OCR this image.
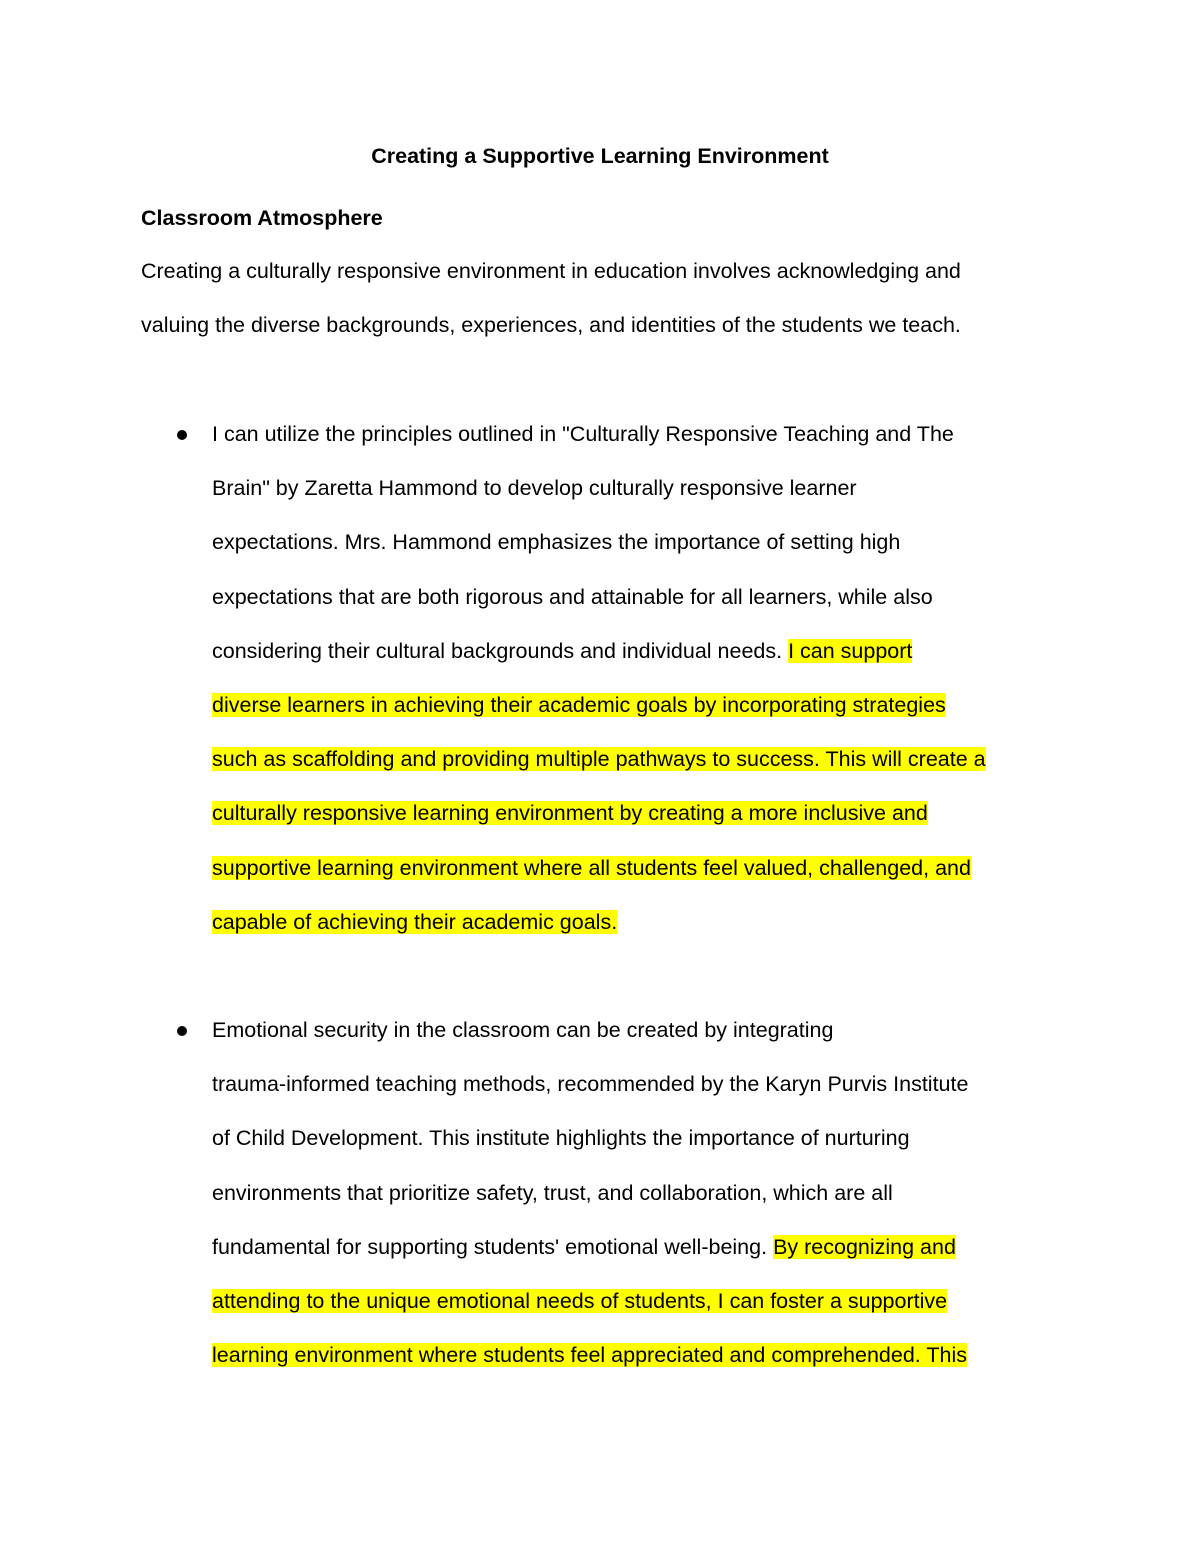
Creating a Supportive Learning Environment
Classroom Atmosphere

Creating a culturally responsive environment in education involves acknowledging and
valuing the diverse backgrounds, experiences, and identities of the students we teach.

I can utilize the principles outlined in "Culturally Responsive Teaching and The
Brain" by Zaretta Hammond to develop culturally responsive learner
expectations. Mrs. Hammond emphasizes the importance of setting high
expectations that are both rigorous and attainable for all learners, while also
considering their cultural backgrounds and individual needs. I can support
diverse learners in achieving their academic goals by incorporating strategies
such as scaffolding and providing multiple pathways to success. This will create a
culturally responsive learning environment by creating a more inclusive and
supportive learning environment where all students feel valued, challenged, and
capable of achieving their academic goals.
Emotional security in the classroom can be created by integrating
trauma-informed teaching methods, recommended by the Karyn Purvis Institute
of Child Development. This institute highlights the importance of nurturing
environments that prioritize safety, trust, and collaboration, which are all
fundamental for supporting students' emotional well-being. By recognizing and
attending to the unique emotional needs of students, I can foster a supportive
learning environment where students feel appreciated and comprehended. This
